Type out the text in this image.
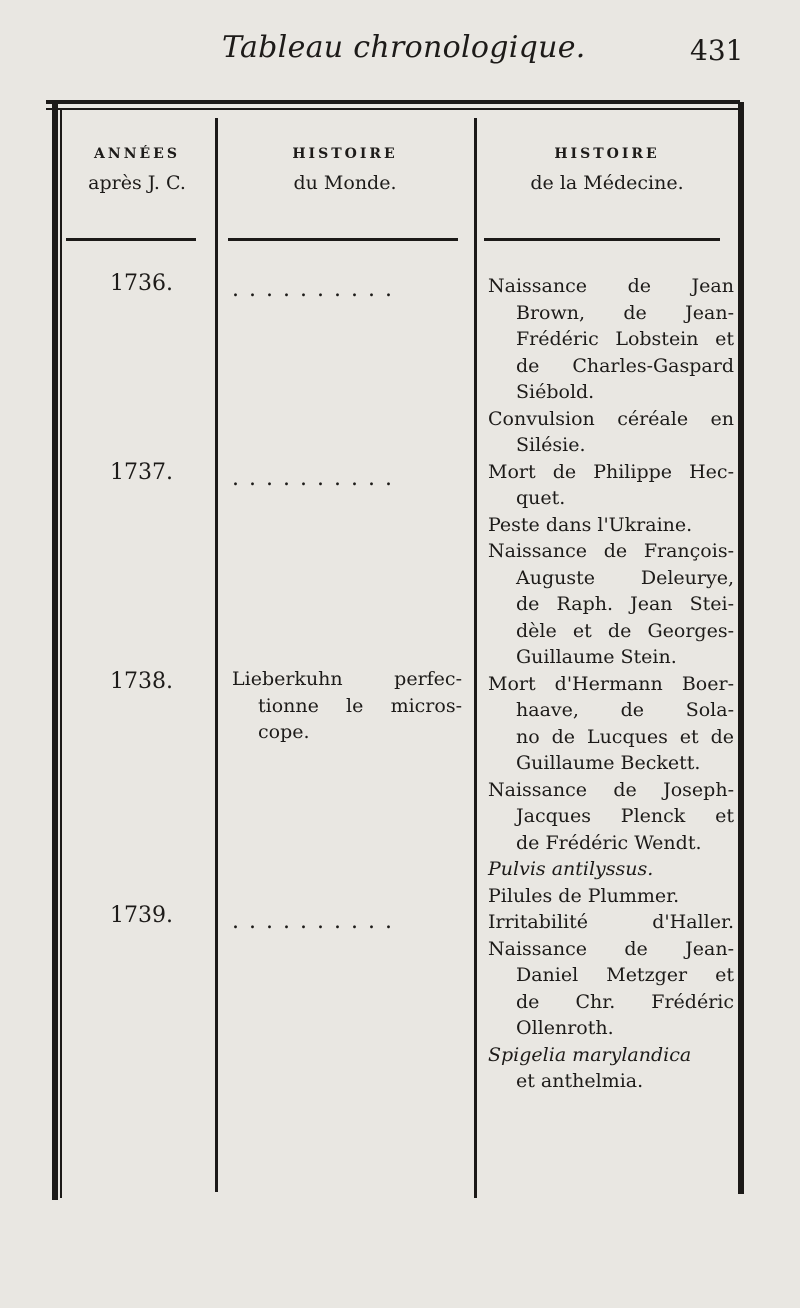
Tableau chronologique.	431
ANNÉES
après J. C.
HISTOIRE
du Monde.
HISTOIRE
de la Médecine.
1736.
1737.
1738.
1739.
..........
..........
Lieberkuhn perfec-
tionne le micros-
cope.
..........
Naissance de Jean
Brown, de Jean-
Frédéric Lobstein et
de Charles-Gaspard
Siébold.
Convulsion céréale en
Silésie.
Mort de Philippe Hec-
quet.
Peste dans l'Ukraine.
Naissance de François-
Auguste Deleurye,
de Raph. Jean Stei-
dèle et de Georges-
Guillaume Stein.
Mort d'Hermann Boer-
haave, de Sola-
no de Lucques et de
Guillaume Beckett.
Naissance de Joseph-
Jacques Plenck et
de Frédéric Wendt.
Pulvis antilyssus.
Pilules de Plummer.
Irritabilité d'Haller.
Naissance de Jean-
Daniel Metzger et
de Chr. Frédéric
Ollenroth.
Spigelia marylandica
et anthelmia.
